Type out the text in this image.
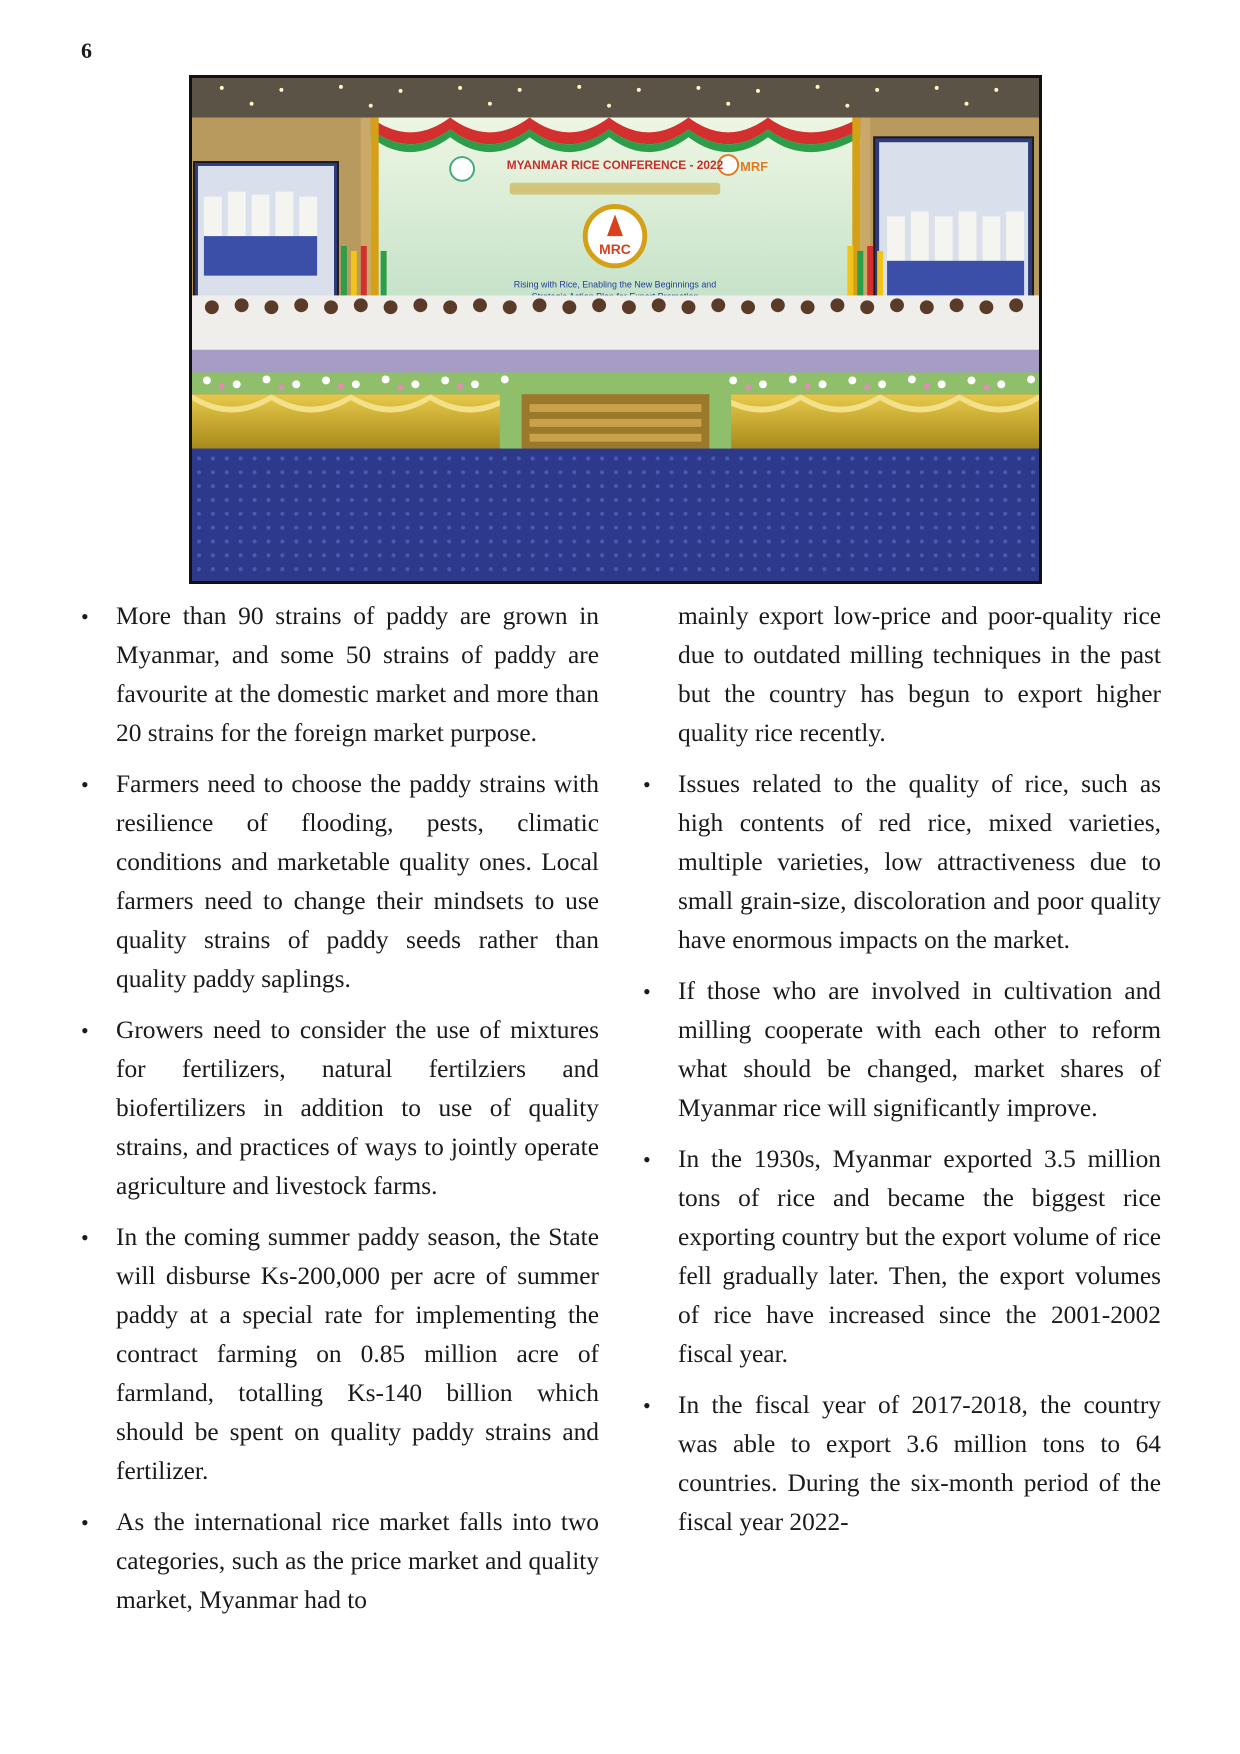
6
MRF
MYANMAR RICE CONFERENCE - 2022
MRC
Rising with Rice, Enabling the New Beginnings and

• More than 90 strains of paddy are grown in Myanmar, and some 50 strains of paddy are favourite at the domestic market and more than 20 strains for the foreign market purpose.

• Farmers need to choose the paddy strains with resilience of flooding, pests, climatic conditions and marketable quality ones. Local farmers need to change their mindsets to use quality strains of paddy seeds rather than quality paddy saplings.

• Growers need to consider the use of mixtures for fertilizers, natural fertilziers and biofertilizers in addition to use of quality strains, and practices of ways to jointly operate agriculture and livestock farms.

• In the coming summer paddy season, the State will disburse Ks-200,000 per acre of summer paddy at a special rate for implementing the contract farming on 0.85 million acre of farmland, totalling Ks-140 billion which should be spent on quality paddy strains and fertilizer.

• As the international rice market falls into two categories, such as the price market and quality market, Myanmar had to

mainly export low-price and poor-quality rice due to outdated milling techniques in the past but the country has begun to export higher quality rice recently.

• Issues related to the quality of rice, such as high contents of red rice, mixed varieties, multiple varieties, low attractiveness due to small grain-size, discoloration and poor quality have enormous impacts on the market.

• If those who are involved in cultivation and milling cooperate with each other to reform what should be changed, market shares of Myanmar rice will significantly improve.

• In the 1930s, Myanmar exported 3.5 million tons of rice and became the biggest rice exporting country but the export volume of rice fell gradually later. Then, the export volumes of rice have increased since the 2001-2002 fiscal year.

• In the fiscal year of 2017-2018, the country was able to export 3.6 million tons to 64 countries. During the six-month period of the fiscal year 2022-
